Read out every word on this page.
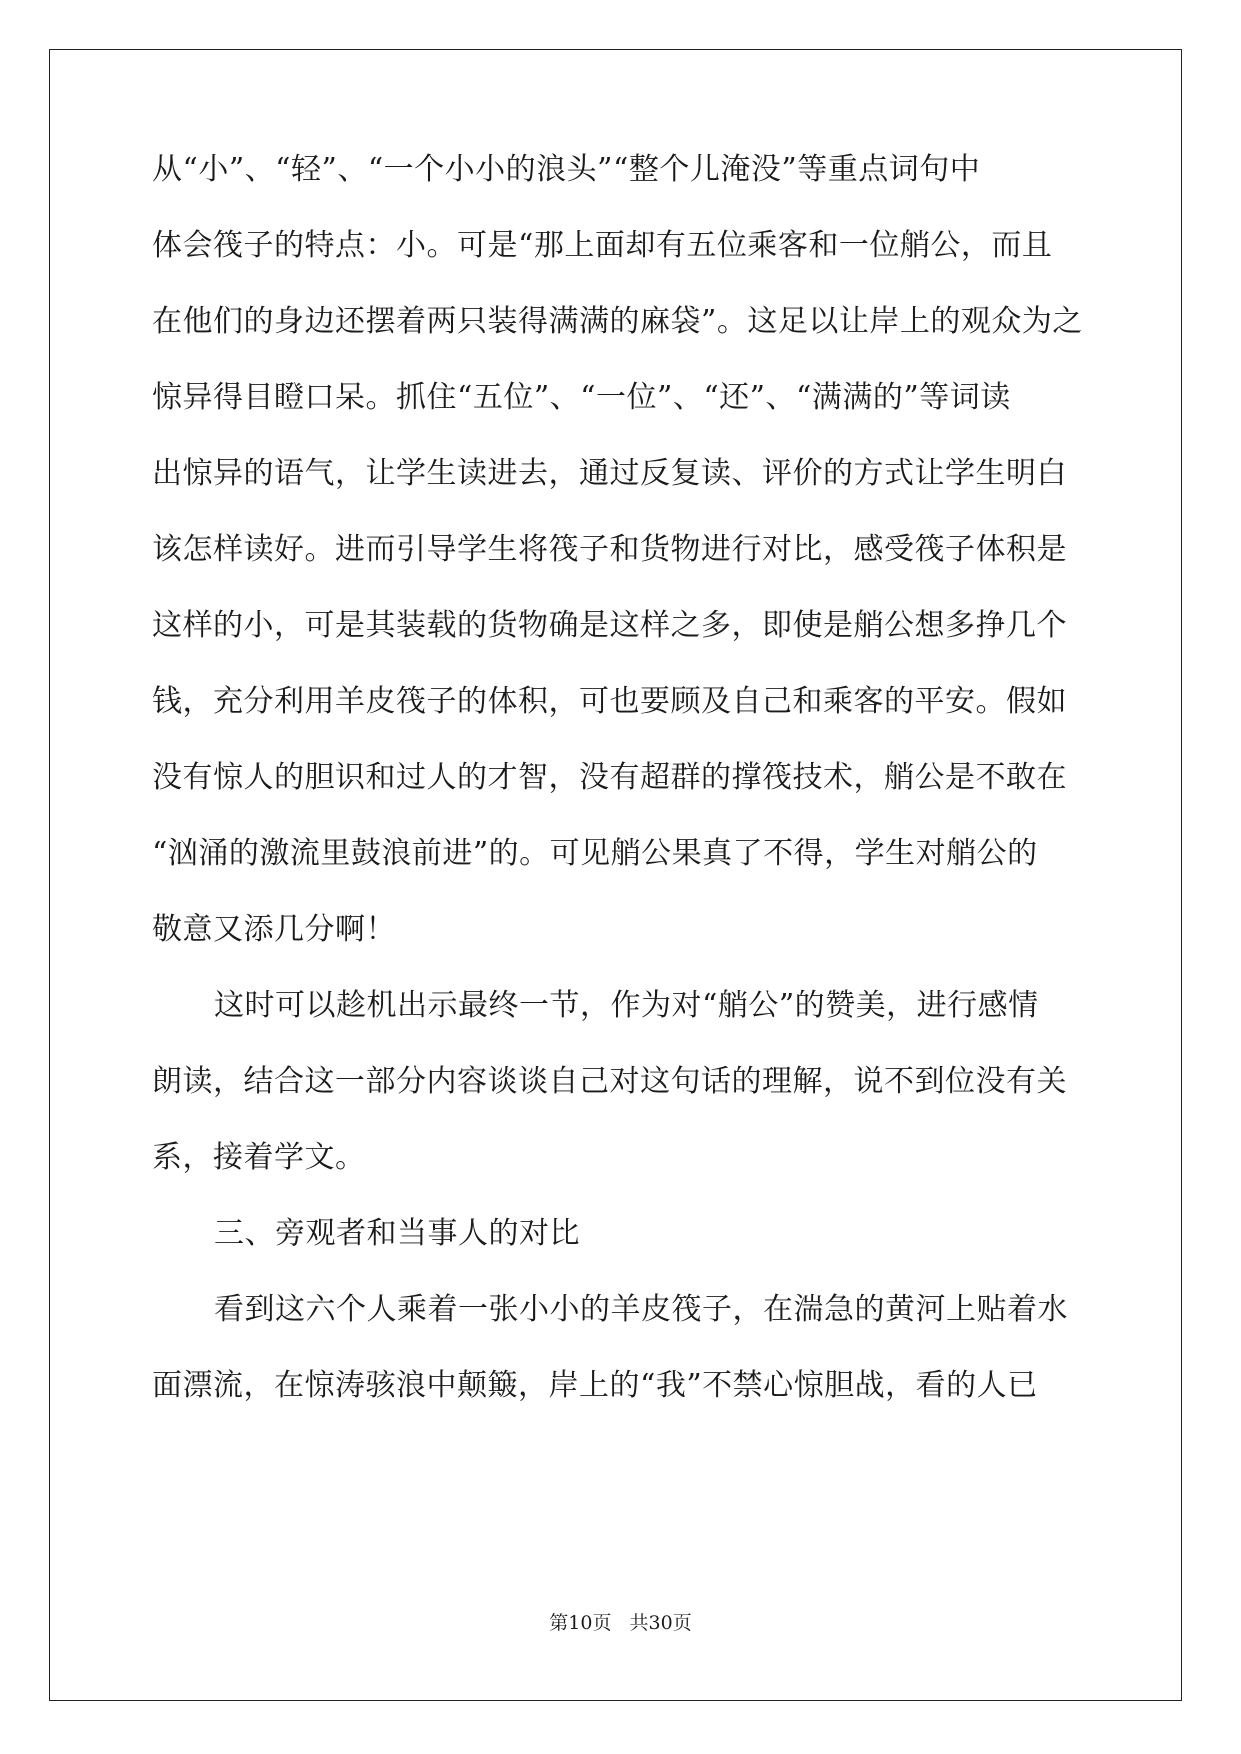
从“小”、“轻”、“一个小小的浪头”“整个儿淹没”等重点词句中
体会筏子的特点：小。可是“那上面却有五位乘客和一位艄公，而且
在他们的身边还摆着两只装得满满的麻袋”。这足以让岸上的观众为之
惊异得目瞪口呆。抓住“五位”、“一位”、“还”、“满满的”等词读
出惊异的语气，让学生读进去，通过反复读、评价的方式让学生明白
该怎样读好。进而引导学生将筏子和货物进行对比，感受筏子体积是
这样的小，可是其装载的货物确是这样之多，即使是艄公想多挣几个
钱，充分利用羊皮筏子的体积，可也要顾及自己和乘客的平安。假如
没有惊人的胆识和过人的才智，没有超群的撑筏技术，艄公是不敢在
“汹涌的激流里鼓浪前进”的。可见艄公果真了不得，学生对艄公的
敬意又添几分啊！
这时可以趁机出示最终一节，作为对“艄公”的赞美，进行感情
朗读，结合这一部分内容谈谈自己对这句话的理解，说不到位没有关
系，接着学文。
三、旁观者和当事人的对比
看到这六个人乘着一张小小的羊皮筏子，在湍急的黄河上贴着水
面漂流，在惊涛骇浪中颠簸，岸上的“我”不禁心惊胆战，看的人已
第10页 共30页
